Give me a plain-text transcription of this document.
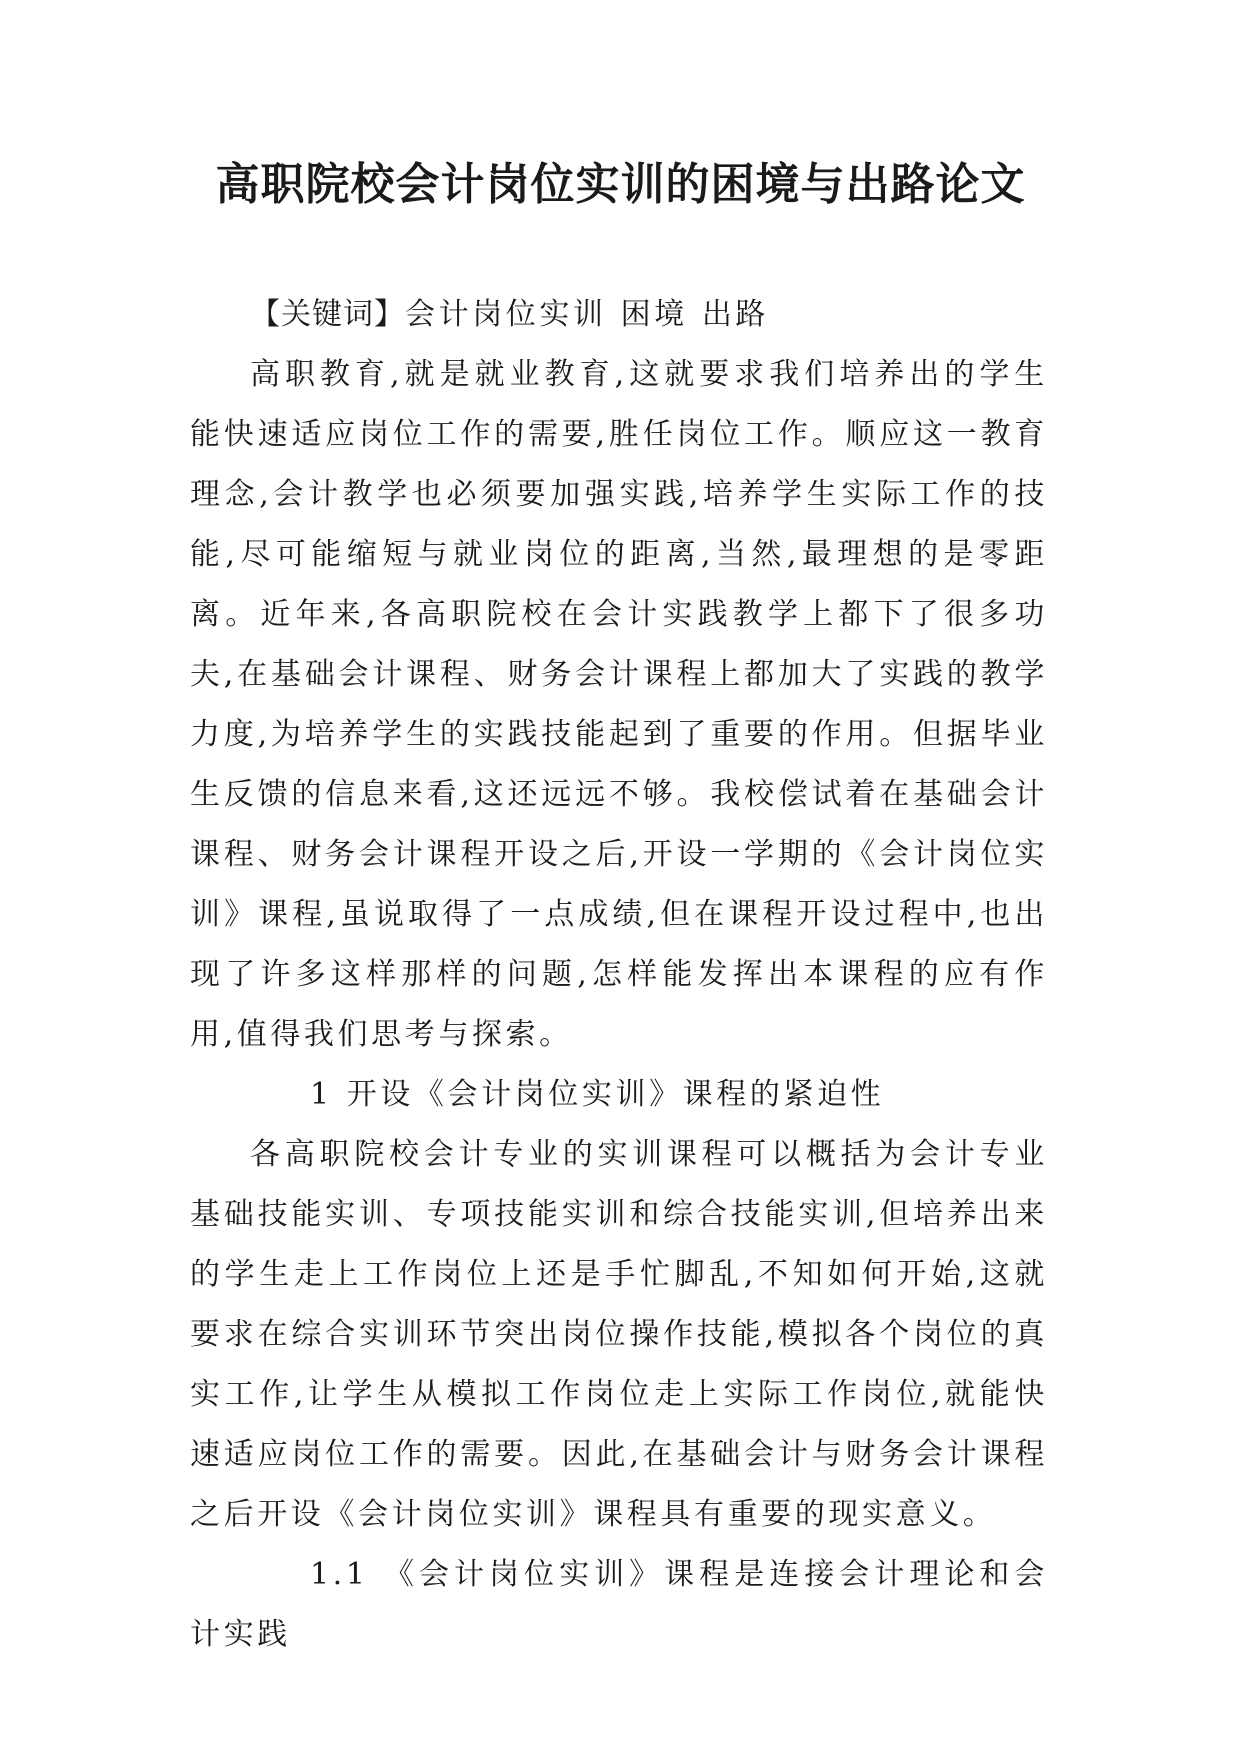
高职院校会计岗位实训的困境与出路论文

【关键词】会计岗位实训 困境 出路

高职教育,就是就业教育,这就要求我们培养出的学生能快速适应岗位工作的需要,胜任岗位工作。顺应这一教育理念,会计教学也必须要加强实践,培养学生实际工作的技能,尽可能缩短与就业岗位的距离,当然,最理想的是零距离。近年来,各高职院校在会计实践教学上都下了很多功夫,在基础会计课程、财务会计课程上都加大了实践的教学力度,为培养学生的实践技能起到了重要的作用。但据毕业生反馈的信息来看,这还远远不够。我校偿试着在基础会计课程、财务会计课程开设之后,开设一学期的《会计岗位实训》课程,虽说取得了一点成绩,但在课程开设过程中,也出现了许多这样那样的问题,怎样能发挥出本课程的应有作用,值得我们思考与探索。

1 开设《会计岗位实训》课程的紧迫性

各高职院校会计专业的实训课程可以概括为会计专业基础技能实训、专项技能实训和综合技能实训,但培养出来的学生走上工作岗位上还是手忙脚乱,不知如何开始,这就要求在综合实训环节突出岗位操作技能,模拟各个岗位的真实工作,让学生从模拟工作岗位走上实际工作岗位,就能快速适应岗位工作的需要。因此,在基础会计与财务会计课程之后开设《会计岗位实训》课程具有重要的现实意义。

1.1 《会计岗位实训》课程是连接会计理论和会计实践
